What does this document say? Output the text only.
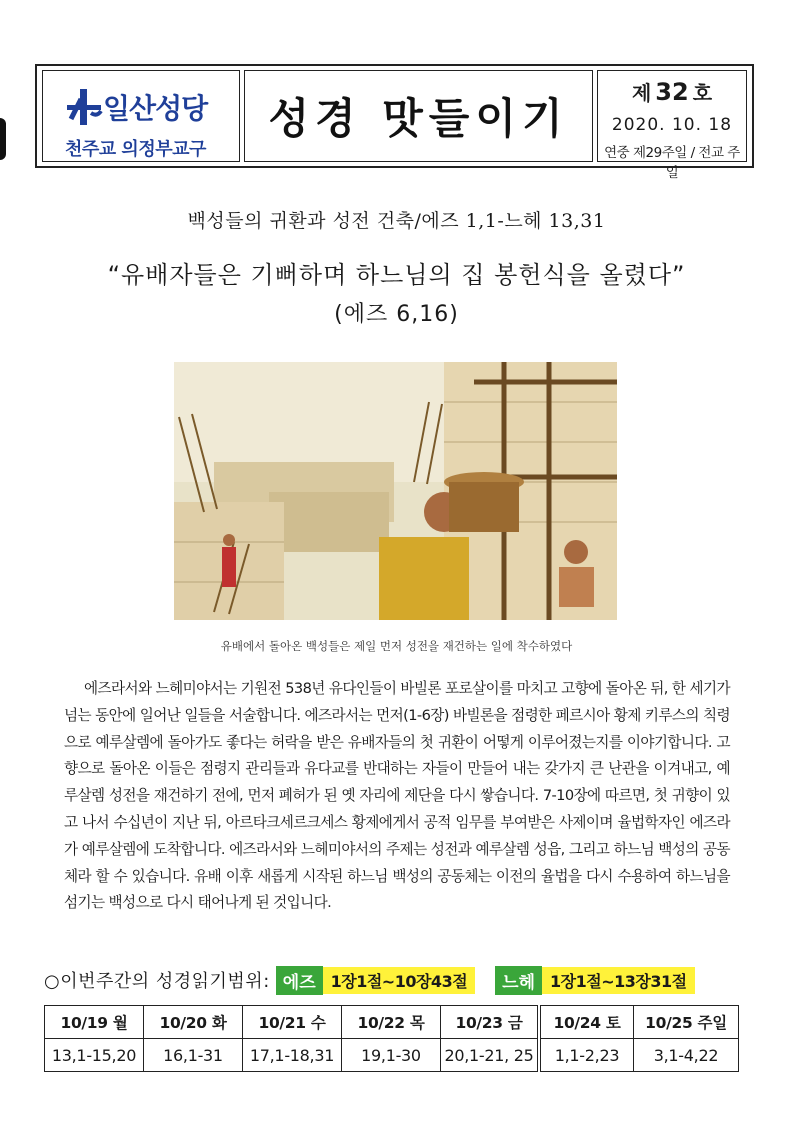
일산성당
천주교 의정부교구
성경 맛들이기
제 32 호
2020. 10. 18
연중 제29주일 / 전교 주일
백성들의 귀환과 성전 건축/에즈 1,1-느헤 13,31
“유배자들은 기뻐하며 하느님의 집 봉헌식을 올렸다”
(에즈 6,16)
유배에서 돌아온 백성들은 제일 먼저 성전을 재건하는 일에 착수하였다

에즈라서와 느헤미야서는 기원전 538년 유다인들이 바빌론 포로살이를 마치고 고향에 돌아온 뒤, 한 세기가 넘는 동안에 일어난 일들을 서술합니다. 에즈라서는 먼저(1-6장) 바빌론을 점령한 페르시아 황제 키루스의 칙령으로 예루살렘에 돌아가도 좋다는 허락을 받은 유배자들의 첫 귀환이 어떻게 이루어졌는지를 이야기합니다. 고향으로 돌아온 이들은 점령지 관리들과 유다교를 반대하는 자들이 만들어 내는 갖가지 큰 난관을 이겨내고, 예루살렘 성전을 재건하기 전에, 먼저 폐허가 된 옛 자리에 제단을 다시 쌓습니다. 7-10장에 따르면, 첫 귀향이 있고 나서 수십년이 지난 뒤, 아르타크세르크세스 황제에게서 공적 임무를 부여받은 사제이며 율법학자인 에즈라가 예루살렘에 도착합니다. 에즈라서와 느헤미야서의 주제는 성전과 예루살렘 성읍, 그리고 하느님 백성의 공동체라 할 수 있습니다. 유배 이후 새롭게 시작된 하느님 백성의 공동체는 이전의 율법을 다시 수용하여 하느님을 섬기는 백성으로 다시 태어나게 된 것입니다.

○이번주간의 성경읽기범위: 에즈 1장1절~10장43절	느헤 1장1절~13장31절
10/19 월	10/20 화	10/21 수	10/22 목	10/23 금
13,1-15,20	16,1-31	17,1-18,31	19,1-30	20,1-21, 25
10/24 토	10/25 주일
1,1-2,23	3,1-4,22
